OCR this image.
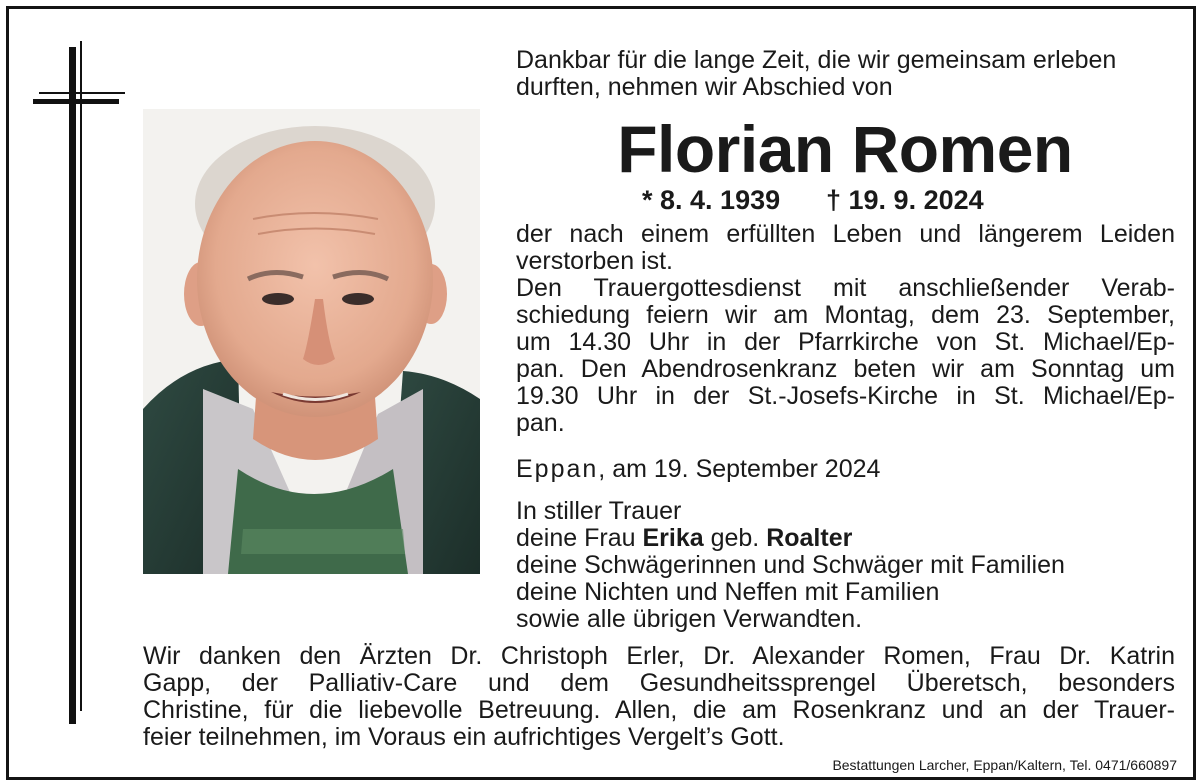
Dankbar für die lange Zeit, die wir gemeinsam erleben
durften, nehmen wir Abschied von
Florian Romen
* 8. 4. 1939 † 19. 9. 2024
der nach einem erfüllten Leben und längerem Leiden
verstorben ist.
Den Trauergottesdienst mit anschließender Verab-
schiedung feiern wir am Montag, dem 23. September,
um 14.30 Uhr in der Pfarrkirche von St. Michael/Ep-
pan. Den Abendrosenkranz beten wir am Sonntag um
19.30 Uhr in der St.-Josefs-Kirche in St. Michael/Ep-
pan.
Eppan, am 19. September 2024
In stiller Trauer
deine Frau Erika geb. Roalter
deine Schwägerinnen und Schwäger mit Familien
deine Nichten und Neffen mit Familien
sowie alle übrigen Verwandten.
Wir danken den Ärzten Dr. Christoph Erler, Dr. Alexander Romen, Frau Dr. Katrin
Gapp, der Palliativ-Care und dem Gesundheitssprengel Überetsch, besonders
Christine, für die liebevolle Betreuung. Allen, die am Rosenkranz und an der Trauer-
feier teilnehmen, im Voraus ein aufrichtiges Vergelt’s Gott.
Bestattungen Larcher, Eppan/Kaltern, Tel. 0471/660897
